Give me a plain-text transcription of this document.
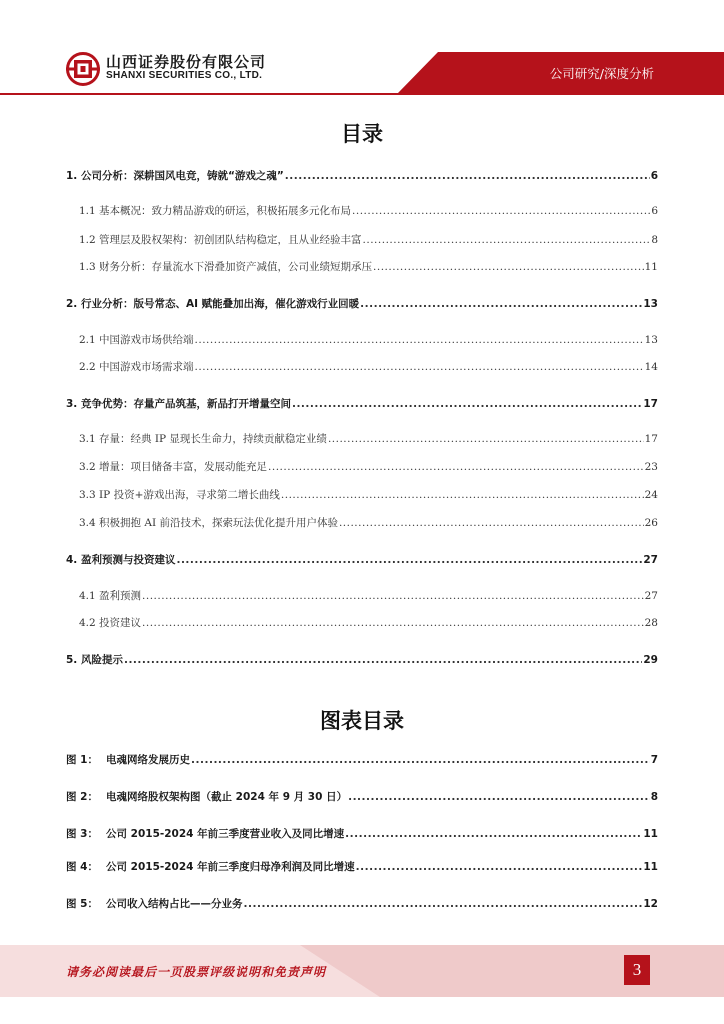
山西证券股份有限公司
SHANXI SECURITIES CO., LTD.	公司研究/深度分析
目录
1. 公司分析：深耕国风电竞，铸就“游戏之魂” .....	6
1.1 基本概况：致力精品游戏的研运，积极拓展多元化布局 .....	6
1.2 管理层及股权架构：初创团队结构稳定，且从业经验丰富 .....	8
1.3 财务分析：存量流水下滑叠加资产减值，公司业绩短期承压 .....	11
2. 行业分析：版号常态、AI 赋能叠加出海，催化游戏行业回暖 .....	13
2.1 中国游戏市场供给端 .....	13
2.2 中国游戏市场需求端 .....	14
3. 竞争优势：存量产品筑基，新品打开增量空间 .....	17
3.1 存量：经典 IP 显现长生命力，持续贡献稳定业绩 .....	17
3.2 增量：项目储备丰富，发展动能充足 .....	23
3.3 IP 投资+游戏出海，寻求第二增长曲线 .....	24
3.4 积极拥抱 AI 前沿技术，探索玩法优化提升用户体验 .....	26
4. 盈利预测与投资建议 .....	27
4.1 盈利预测 .....	27
4.2 投资建议 .....	28
5. 风险提示 .....	29
图表目录
图 1： 电魂网络发展历史 .....	7
图 2： 电魂网络股权架构图（截止 2024 年 9 月 30 日） .....	8
图 3： 公司 2015-2024 年前三季度营业收入及同比增速 .....	11
图 4： 公司 2015-2024 年前三季度归母净利润及同比增速 .....	11
图 5： 公司收入结构占比——分业务 .....	12
请务必阅读最后一页股票评级说明和免责声明	3
